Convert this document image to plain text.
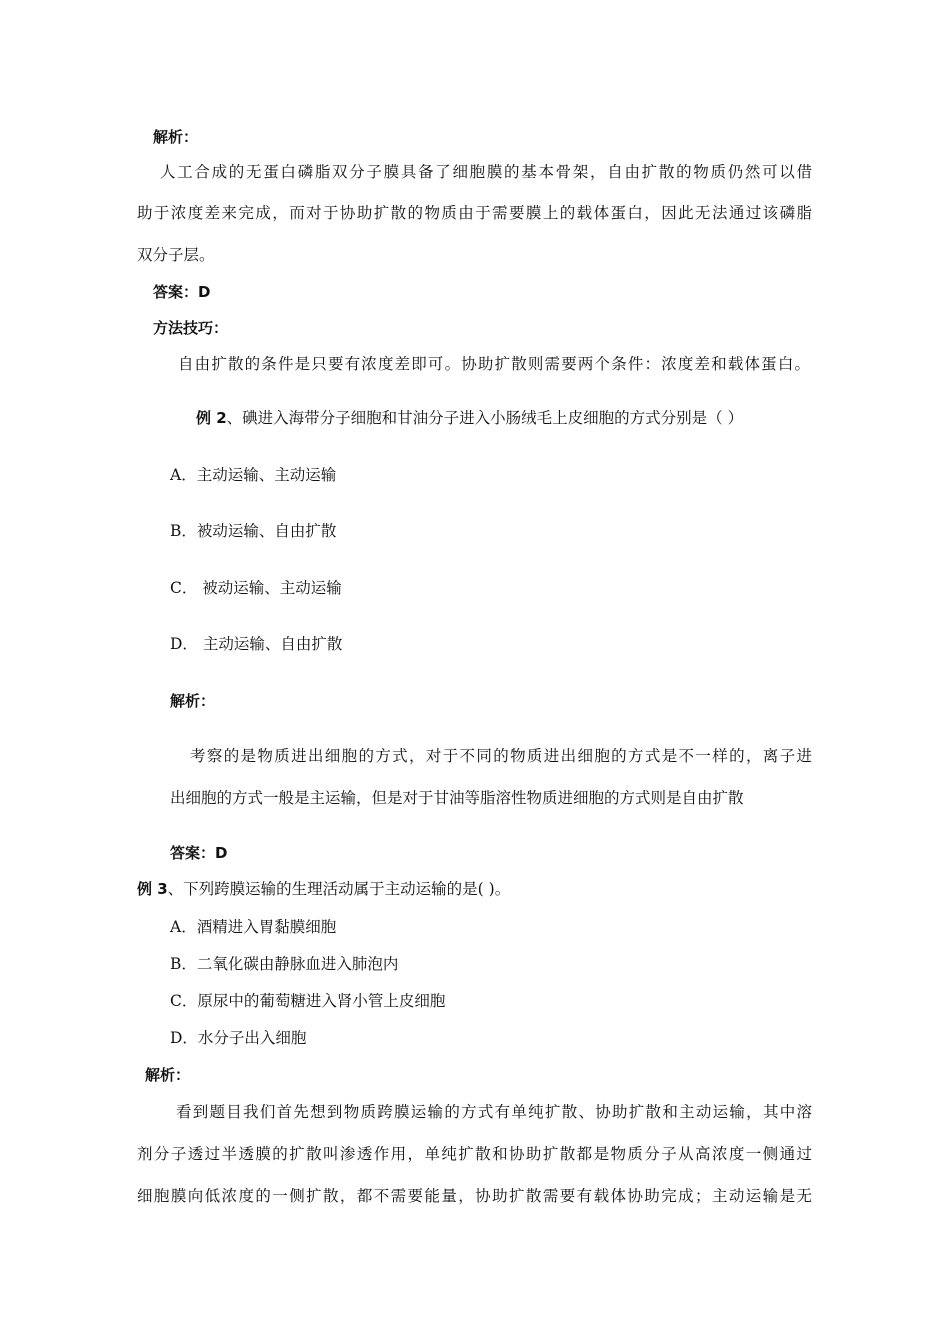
解析：
人工合成的无蛋白磷脂双分子膜具备了细胞膜的基本骨架，自由扩散的物质仍然可以借
助于浓度差来完成，而对于协助扩散的物质由于需要膜上的载体蛋白，因此无法通过该磷脂
双分子层。
答案：D
方法技巧：
自由扩散的条件是只要有浓度差即可。协助扩散则需要两个条件：浓度差和载体蛋白。
例 2、碘进入海带分子细胞和甘油分子进入小肠绒毛上皮细胞的方式分别是（ ）
A．主动运输、主动运输
B．被动运输、自由扩散
C． 被动运输、主动运输
D． 主动运输、自由扩散
解析：
考察的是物质进出细胞的方式，对于不同的物质进出细胞的方式是不一样的，离子进
出细胞的方式一般是主运输，但是对于甘油等脂溶性物质进细胞的方式则是自由扩散
答案：D
例 3、下列跨膜运输的生理活动属于主动运输的是( )。
A．酒精进入胃黏膜细胞
B．二氧化碳由静脉血进入肺泡内
C．原尿中的葡萄糖进入肾小管上皮细胞
D．水分子出入细胞
解析：
看到题目我们首先想到物质跨膜运输的方式有单纯扩散、协助扩散和主动运输，其中溶
剂分子透过半透膜的扩散叫渗透作用，单纯扩散和协助扩散都是物质分子从高浓度一侧通过
细胞膜向低浓度的一侧扩散，都不需要能量，协助扩散需要有载体协助完成；主动运输是无
